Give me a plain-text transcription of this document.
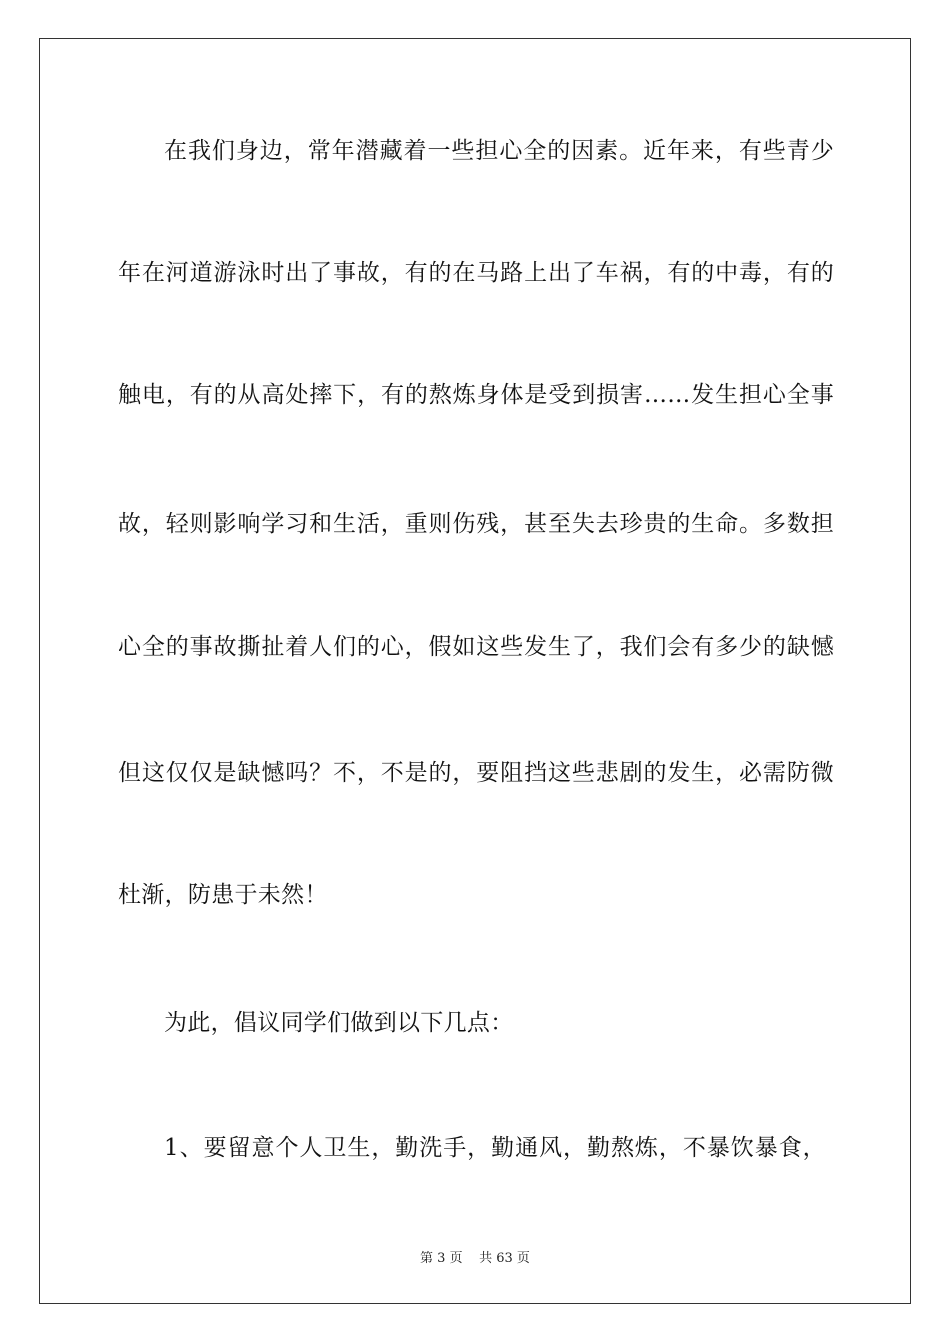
在我们身边，常年潜藏着一些担心全的因素。近年来，有些青少
年在河道游泳时出了事故，有的在马路上出了车祸，有的中毒，有的
触电，有的从高处摔下，有的熬炼身体是受到损害……发生担心全事
故，轻则影响学习和生活，重则伤残，甚至失去珍贵的生命。多数担
心全的事故撕扯着人们的心，假如这些发生了，我们会有多少的缺憾
但这仅仅是缺憾吗？不，不是的，要阻挡这些悲剧的发生，必需防微
杜渐，防患于未然！
为此，倡议同学们做到以下几点：
1、要留意个人卫生，勤洗手，勤通风，勤熬炼，不暴饮暴食，
第 3 页 共 63 页
